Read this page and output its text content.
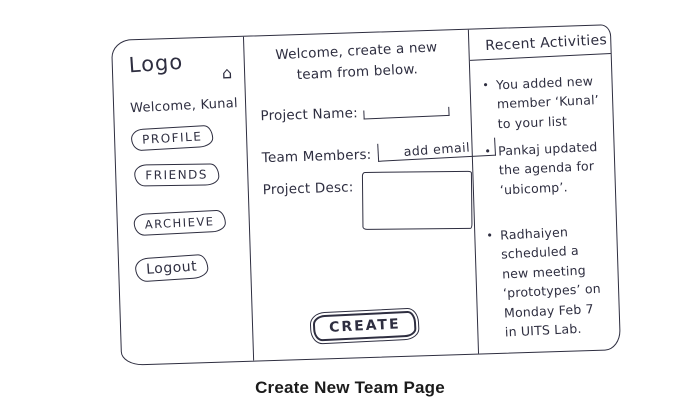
Logo ⌂
Welcome, Kunal
PROFILE
FRIENDS
ARCHIEVE
Logout
Welcome, create a new
team from below.
Project Name:
Team Members: add email
Project Desc:
CREATE
Recent Activities
• You added new member ‘Kunal’ to your list
• Pankaj updated the agenda for ‘ubicomp’.
• Radhaiyen scheduled a new meeting ‘prototypes’ on Monday Feb 7 in UITS Lab.
Create New Team Page
